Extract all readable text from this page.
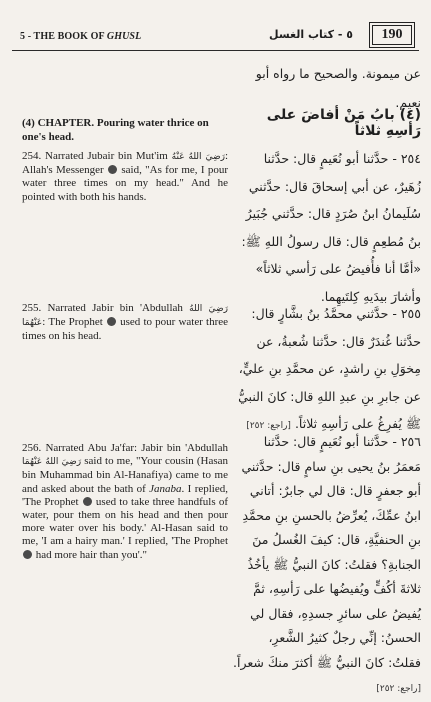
5 - THE BOOK OF GHUSL	٥ - كتاب الغسل	190
عن ميمونة. والصحيح ما رواه أبو نعيم.
(4) CHAPTER. Pouring water thrice on one's head.
(٤) بابُ مَنْ أفاضَ على رَأسِهِ ثلاثاً
254. Narrated Jubair bin Mut'im رَضِيَ اللهُ عَنْهُ: Allah's Messenger said, "As for me, I pour water three times on my head." And he pointed with both his hands.
٢٥٤ - حدَّثنا أبو نُعَيمٍ قال: حدَّثنا زُهَيرٌ، عن أبي إسحاقَ قال: حدَّثني سُلَيمانُ ابنُ صُرَدٍ قال: حدَّثني جُبَيرُ بنُ مُطعِمٍ قال: قال رسولُ اللهِ ﷺ: «أمَّا أنا فأُفيضُ على رَأسي ثلاثاً» وأشارَ بيدَيهِ كِلتَيهِما.
255. Narrated Jabir bin 'Abdullah رَضِيَ اللهُ عَنْهُمَا: The Prophet used to pour water three times on his head.
٢٥٥ - حدَّثني محمَّدُ بنُ بشَّارٍ قال: حدَّثنا غُندَرٌ قال: حدَّثنا شُعبةُ، عن مِخوَلِ بنِ راشدٍ، عن محمَّدِ بنِ عليٍّ، عن جابرِ بنِ عبدِ اللهِ قال: كانَ النبيُّ ﷺ يُفرِغُ على رَأسِهِ ثلاثاً. [راجع: ٢٥٢]
256. Narrated Abu Ja'far: Jabir bin 'Abdullah رَضِيَ اللهُ عَنْهُمَا said to me, "Your cousin (Hasan bin Muhammad bin Al-Hanafiya) came to me and asked about the bath of Janaba. I replied, 'The Prophet used to take three handfuls of water, pour them on his head and then pour more water over his body.' Al-Hasan said to me, 'I am a hairy man.' I replied, 'The Prophet  had more hair than you'."
٢٥٦ - حدَّثنا أبو نُعَيمٍ قال: حدَّثنا مَعمَرُ بنُ يحيى بنِ سامٍ قال: حدَّثني أبو جعفرٍ قال: قال لي جابرٌ: أتاني ابنُ عمِّكَ، يُعرِّضُ بالحسنِ بنِ محمَّدِ بنِ الحنفيَّةِ، قال: كيفَ الغُسلُ منَ الجنابةِ؟ فقلتُ: كانَ النبيُّ ﷺ يأخُذُ ثلاثةَ أكُفٍّ ويُفيضُها على رَأسِهِ، ثمَّ يُفيضُ على سائرِ جسدِهِ، فقال لي الحسنُ: إنِّي رجلٌ كثيرُ الشَّعرِ، فقلتُ: كانَ النبيُّ ﷺ أكثرَ منكَ شعراً. [راجع: ٢٥٢]
